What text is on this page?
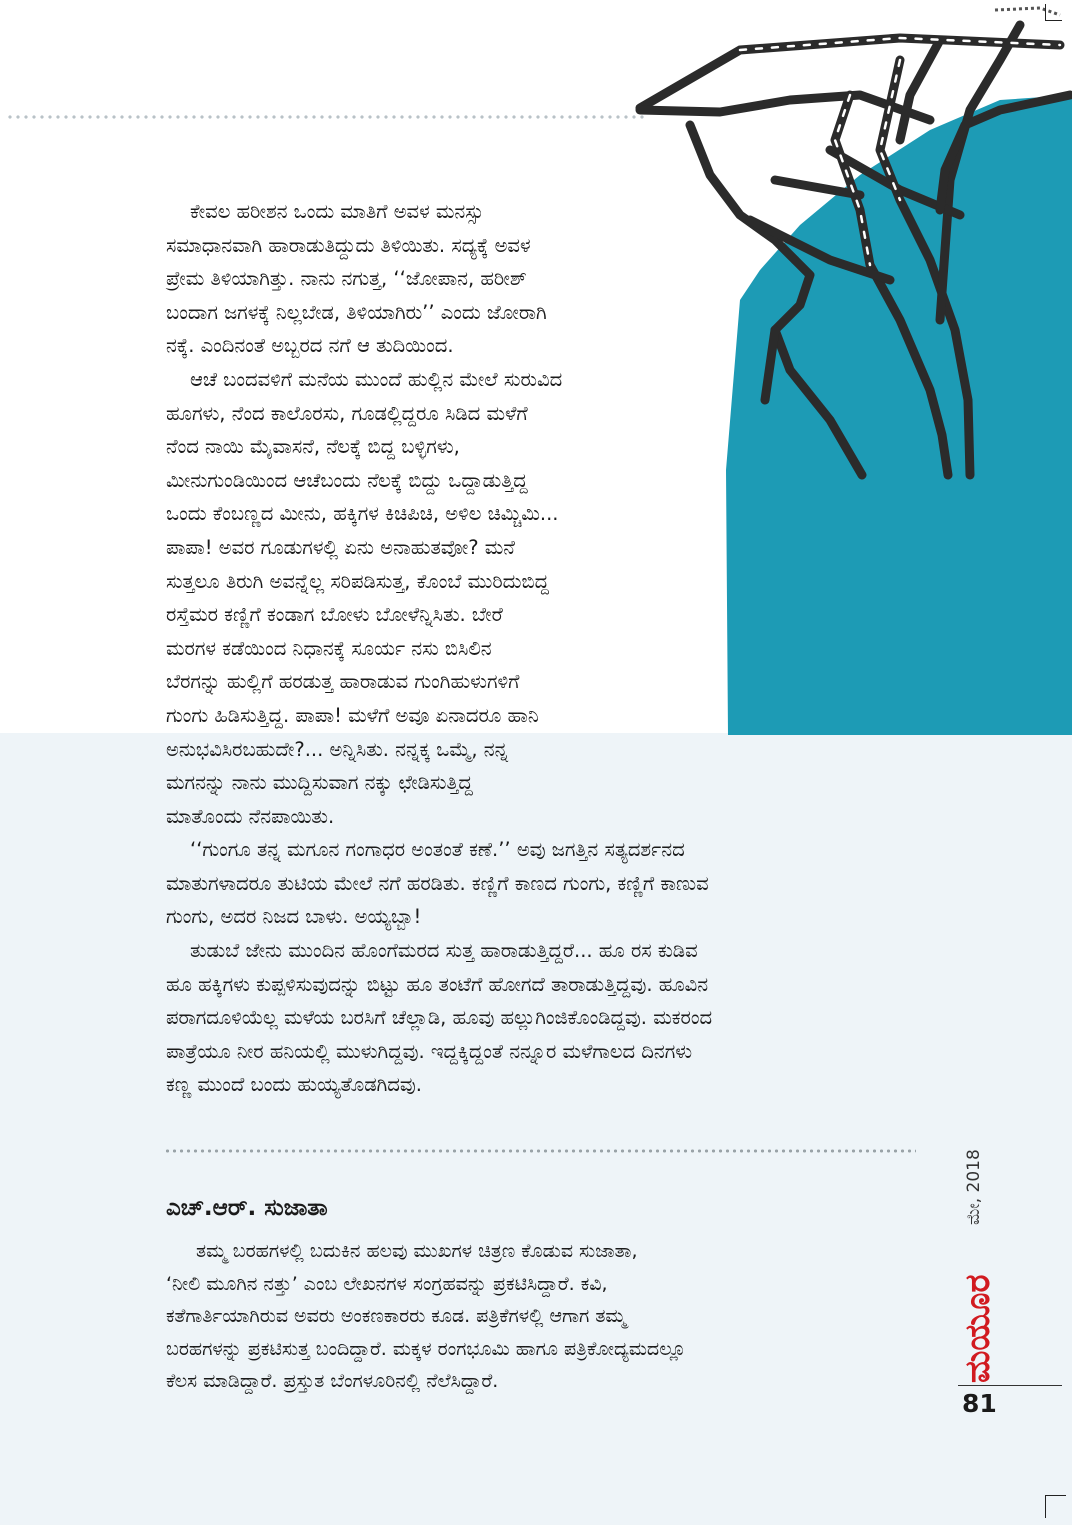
ಕೇವಲ ಹರೀಶನ ಒಂದು ಮಾತಿಗೆ ಅವಳ ಮನಸ್ಸು
ಸಮಾಧಾನವಾಗಿ ಹಾರಾಡುತಿದ್ದುದು ತಿಳಿಯಿತು. ಸದ್ಯಕ್ಕೆ ಅವಳ
ಪ್ರೇಮ ತಿಳಿಯಾಗಿತ್ತು. ನಾನು ನಗುತ್ತ, ‘‘ಜೋಪಾನ, ಹರೀಶ್
ಬಂದಾಗ ಜಗಳಕ್ಕೆ ನಿಲ್ಲಬೇಡ, ತಿಳಿಯಾಗಿರು’’ ಎಂದು ಜೋರಾಗಿ
ನಕ್ಕೆ. ಎಂದಿನಂತೆ ಅಬ್ಬರದ ನಗೆ ಆ ತುದಿಯಿಂದ.

ಆಚೆ ಬಂದವಳಿಗೆ ಮನೆಯ ಮುಂದೆ ಹುಲ್ಲಿನ ಮೇಲೆ ಸುರುವಿದ
ಹೂಗಳು, ನೆಂದ ಕಾಲೊರಸು, ಗೂಡಲ್ಲಿದ್ದರೂ ಸಿಡಿದ ಮಳೆಗೆ
ನೆಂದ ನಾಯಿ ಮೈವಾಸನೆ, ನೆಲಕ್ಕೆ ಬಿದ್ದ ಬಳ್ಳಿಗಳು,
ಮೀನುಗುಂಡಿಯಿಂದ ಆಚೆಬಂದು ನೆಲಕ್ಕೆ ಬಿದ್ದು ಒದ್ದಾಡುತ್ತಿದ್ದ
ಒಂದು ಕೆಂಬಣ್ಣದ ಮೀನು, ಹಕ್ಕಿಗಳ ಕಿಚಿಪಿಚಿ, ಅಳಿಲ ಚಿಮ್ಚಿಮಿ...
ಪಾಪಾ! ಅವರ ಗೂಡುಗಳಲ್ಲಿ ಏನು ಅನಾಹುತವೋ? ಮನೆ
ಸುತ್ತಲೂ ತಿರುಗಿ ಅವನ್ನೆಲ್ಲ ಸರಿಪಡಿಸುತ್ತ, ಕೊಂಬೆ ಮುರಿದುಬಿದ್ದ
ರಸ್ತೆಮರ ಕಣ್ಣಿಗೆ ಕಂಡಾಗ ಬೋಳು ಬೋಳೆನ್ನಿಸಿತು. ಬೇರೆ
ಮರಗಳ ಕಡೆಯಿಂದ ನಿಧಾನಕ್ಕೆ ಸೂರ್ಯ ನಸು ಬಿಸಿಲಿನ
ಬೆರಗನ್ನು ಹುಲ್ಲಿಗೆ ಹರಡುತ್ತ ಹಾರಾಡುವ ಗುಂಗಿಹುಳುಗಳಿಗೆ
ಗುಂಗು ಹಿಡಿಸುತ್ತಿದ್ದ. ಪಾಪಾ! ಮಳೆಗೆ ಅವೂ ಏನಾದರೂ ಹಾನಿ
ಅನುಭವಿಸಿರಬಹುದೇ?... ಅನ್ನಿಸಿತು. ನನ್ನಕ್ಕ ಒಮ್ಮೆ, ನನ್ನ
ಮಗನನ್ನು ನಾನು ಮುದ್ದಿಸುವಾಗ ನಕ್ಕು ಛೇಡಿಸುತ್ತಿದ್ದ
ಮಾತೊಂದು ನೆನಪಾಯಿತು.

‘‘ಗುಂಗೂ ತನ್ನ ಮಗೂನ ಗಂಗಾಧರ ಅಂತಂತೆ ಕಣೆ.’’ ಅವು ಜಗತ್ತಿನ ಸತ್ಯದರ್ಶನದ
ಮಾತುಗಳಾದರೂ ತುಟಿಯ ಮೇಲೆ ನಗೆ ಹರಡಿತು. ಕಣ್ಣಿಗೆ ಕಾಣದ ಗುಂಗು, ಕಣ್ಣಿಗೆ ಕಾಣುವ
ಗುಂಗು, ಅದರ ನಿಜದ ಬಾಳು. ಅಯ್ಯಬ್ಬಾ!

ತುಡುಬೆ ಜೇನು ಮುಂದಿನ ಹೊಂಗೆಮರದ ಸುತ್ತ ಹಾರಾಡುತ್ತಿದ್ದರೆ... ಹೂ ರಸ ಕುಡಿವ
ಹೂ ಹಕ್ಕಿಗಳು ಕುಪ್ಪಳಿಸುವುದನ್ನು ಬಿಟ್ಟು ಹೂ ತಂಟೆಗೆ ಹೋಗದೆ ತಾರಾಡುತ್ತಿದ್ದವು. ಹೂವಿನ
ಪರಾಗದೂಳಿಯೆಲ್ಲ ಮಳೆಯ ಬರಸಿಗೆ ಚೆಲ್ಲಾಡಿ, ಹೂವು ಹಲ್ಲುಗಿಂಜಿಕೊಂಡಿದ್ದವು. ಮಕರಂದ
ಪಾತ್ರೆಯೂ ನೀರ ಹನಿಯಲ್ಲಿ ಮುಳುಗಿದ್ದವು. ಇದ್ದಕ್ಕಿದ್ದಂತೆ ನನ್ನೂರ ಮಳೆಗಾಲದ ದಿನಗಳು
ಕಣ್ಣ ಮುಂದೆ ಬಂದು ಹುಯ್ಯತೊಡಗಿದವು.

ಎಚ್.ಆರ್. ಸುಜಾತಾ

ತಮ್ಮ ಬರಹಗಳಲ್ಲಿ ಬದುಕಿನ ಹಲವು ಮುಖಗಳ ಚಿತ್ರಣ ಕೊಡುವ ಸುಜಾತಾ,
‘ನೀಲಿ ಮೂಗಿನ ನತ್ತು’ ಎಂಬ ಲೇಖನಗಳ ಸಂಗ್ರಹವನ್ನು ಪ್ರಕಟಿಸಿದ್ದಾರೆ. ಕವಿ,
ಕತೆಗಾರ್ತಿಯಾಗಿರುವ ಅವರು ಅಂಕಣಕಾರರು ಕೂಡ. ಪತ್ರಿಕೆಗಳಲ್ಲಿ ಆಗಾಗ ತಮ್ಮ
ಬರಹಗಳನ್ನು ಪ್ರಕಟಿಸುತ್ತ ಬಂದಿದ್ದಾರೆ. ಮಕ್ಕಳ ರಂಗಭೂಮಿ ಹಾಗೂ ಪತ್ರಿಕೋದ್ಯಮದಲ್ಲೂ
ಕೆಲಸ ಮಾಡಿದ್ದಾರೆ. ಪ್ರಸ್ತುತ ಬೆಂಗಳೂರಿನಲ್ಲಿ ನೆಲೆಸಿದ್ದಾರೆ.

ಮೇ, 2018
ಮಯೂರ
81
